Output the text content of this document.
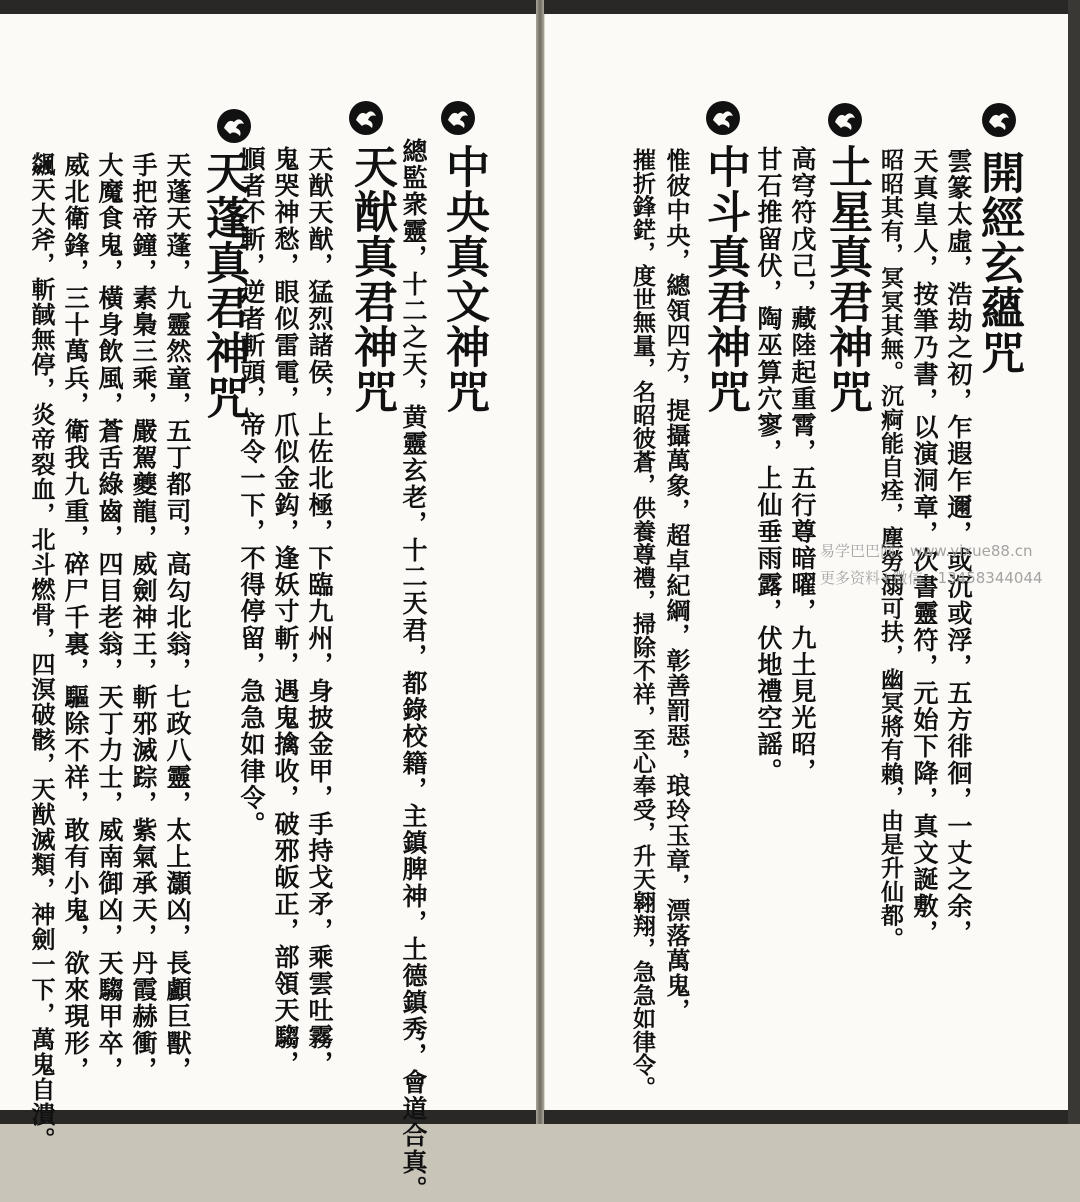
中央真文神咒
總監衆靈，十二之天，黄靈玄老，十二天君，都錄校籍，主鎮脾神，土德鎮秀，會道合真。
天猷真君神咒
天猷天猷，猛烈諸侯，上佐北極，下臨九州，身披金甲，手持戈矛，乘雲吐霧，
鬼哭神愁，眼似雷電，爪似金鈎，逢妖寸斬，遇鬼擒收，破邪皈正，部領天騶，
順者不斬，逆者斬頭，帝令一下，不得停留，急急如律令。
天蓬真君神咒
天蓬天蓬，九靈然童，五丁都司，高勾北翁，七政八靈，太上灝凶，長顱巨獸，
手把帝鐘，素梟三乘，嚴駕夔龍，威劍神王，斬邪滅踪，紫氣承天，丹霞赫衝，
大魔食鬼，橫身飲風，蒼舌綠齒，四目老翁，天丁力士，威南御凶，天騶甲卒，
威北衛鋒，三十萬兵，衛我九重，碎尸千裏，驅除不祥，敢有小鬼，欲來現形，
飊天大斧，斬馘無停，炎帝裂血，北斗燃骨，四溟破骸，天猷滅類，神劍一下，萬鬼自潰。	開經玄蘊咒
雲篆太虛，浩劫之初，乍遐乍邇，或沉或浮，五方徘徊，一丈之余，
天真皇人，按筆乃書，以演洞章，次書靈符，元始下降，真文誕敷，
昭昭其有，冥冥其無。沉痾能自痊，塵勞溺可扶，幽冥將有賴，由是升仙都。
土星真君神咒
高穹符戊己，藏陸起重霄，五行尊暗曜，九土見光昭，
甘石推留伏，陶巫算穴寥，上仙垂雨露，伏地禮空謡。
中斗真君神咒
惟彼中央，總領四方，提攝萬象，超卓紀綱，彰善罰惡，琅玲玉章，漂落萬鬼，
摧折鋒鋩，度世無量，名昭彼蒼，供養尊禮，掃除不祥，至心奉受，升天翱翔，急急如律令。	易学巴巴网：www.yixue88.cn
更多资料+微信：13458344044
